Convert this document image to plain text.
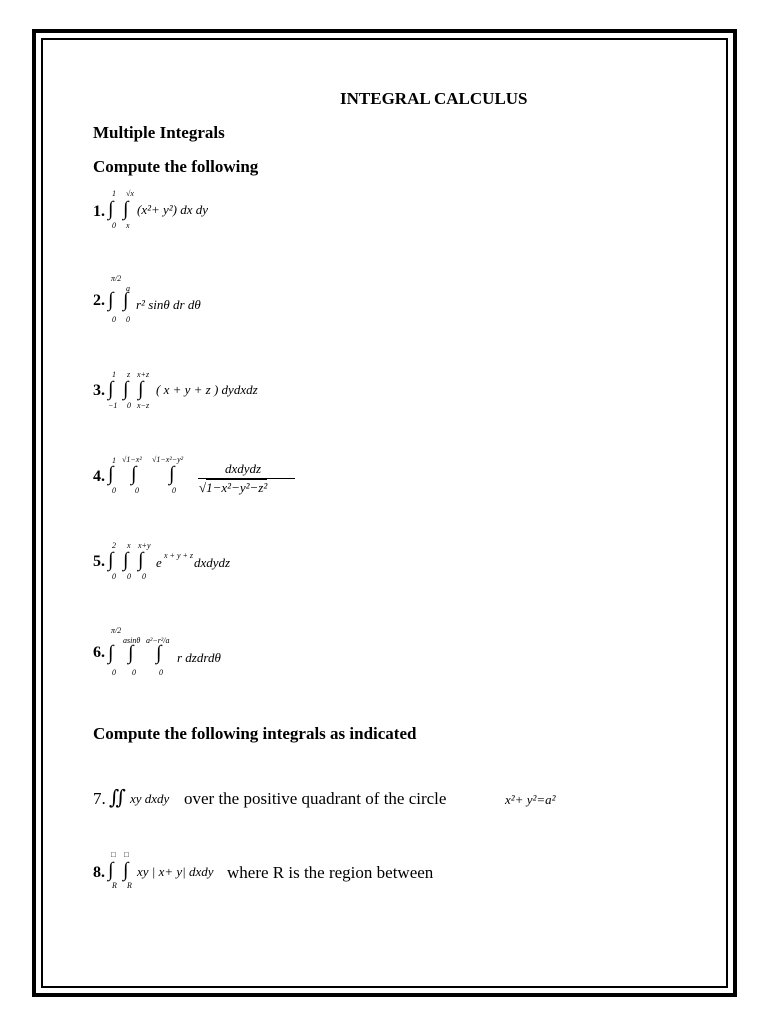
INTEGRAL CALCULUS
Multiple Integrals
Compute the following
1.
1 √x
∫ ∫
0 x
(x²+ y²) dx dy
2.
π/2
a
∫ ∫
0 0
r² sinθ dr dθ
3.
1 z x+z
∫ ∫ ∫
−1 0 x−z
( x + y + z ) dydxdz
4.
1 √1−x² √1−x²−y²
∫ ∫ ∫
0 0	0
dxdydz
√1−x²−y²−z²
5.
2 x x+y
∫ ∫ ∫
0 0 0
e x + y + z dxdydz
6.
π/2
asinθ a²−r²/a
∫ ∫ ∫
0 0	0
r dzdrdθ
Compute the following integrals as indicated
7. ∬ xy dxdy over the positive quadrant of the circle	x²+ y²=a²
8.
□ □
∫ ∫
R R
xy | x+ y| dxdy where R is the region between
